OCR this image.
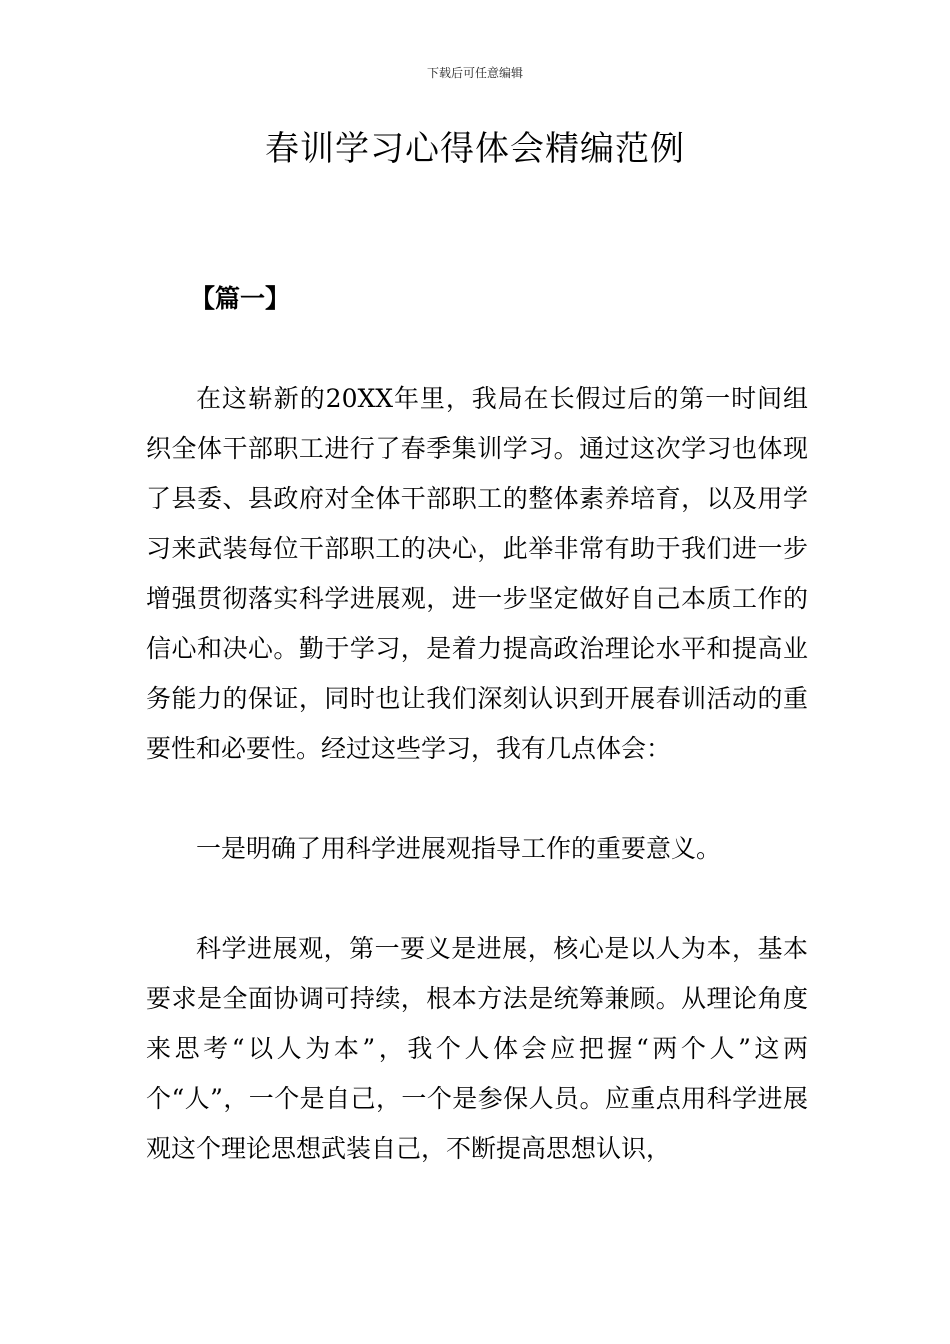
下载后可任意编辑
春训学习心得体会精编范例

【篇一】

在这崭新的20XX年里，我局在长假过后的第一时间组织全体干部职工进行了春季集训学习。通过这次学习也体现了县委、县政府对全体干部职工的整体素养培育，以及用学习来武装每位干部职工的决心，此举非常有助于我们进一步增强贯彻落实科学进展观，进一步坚定做好自己本质工作的信心和决心。勤于学习，是着力提高政治理论水平和提高业务能力的保证，同时也让我们深刻认识到开展春训活动的重要性和必要性。经过这些学习，我有几点体会：

一是明确了用科学进展观指导工作的重要意义。

科学进展观，第一要义是进展，核心是以人为本，基本要求是全面协调可持续，根本方法是统筹兼顾。从理论角度来思考“以人为本”，我个人体会应把握“两个人”这两个“人”，一个是自己，一个是参保人员。应重点用科学进展观这个理论思想武装自己，不断提高思想认识，
